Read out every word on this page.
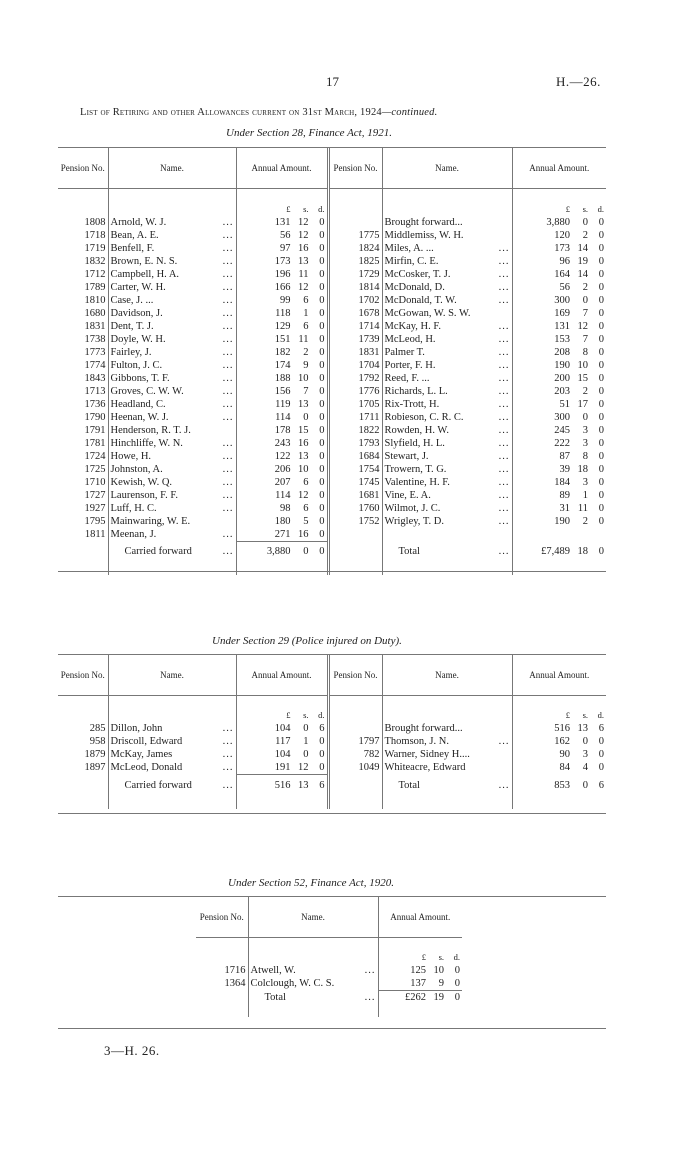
17	H.—26.
List of Retiring and other Allowances current on 31st March, 1924—continued.
Under Section 28, Finance Act, 1921.
Pension No.	Name.	Annual Amount.	Pension No.	Name.	Annual Amount.

		£ s. d.			£ s. d.

1808	Arnold, W. J. ...	131 12 0		Brought forward...	3,880 0 0

1718	Bean, A. E. ...	56 12 0	1775	Middlemiss, W. H.	120 2 0

1719	Benfell, F. ...	97 16 0	1824	Miles, A. ... ...	173 14 0

1832	Brown, E. N. S. ...	173 13 0	1825	Mirfin, C. E. ...	96 19 0

1712	Campbell, H. A. ...	196 11 0	1729	McCosker, T. J. ...	164 14 0

1789	Carter, W. H. ...	166 12 0	1814	McDonald, D. ...	56 2 0

1810	Case, J. ... ...	99 6 0	1702	McDonald, T. W. ...	300 0 0

1680	Davidson, J. ...	118 1 0	1678	McGowan, W. S. W.	169 7 0

1831	Dent, T. J. ...	129 6 0	1714	McKay, H. F. ...	131 12 0

1738	Doyle, W. H. ...	151 11 0	1739	McLeod, H. ...	153 7 0

1773	Fairley, J. ...	182 2 0	1831	Palmer T. ...	208 8 0

1774	Fulton, J. C. ...	174 9 0	1704	Porter, F. H. ...	190 10 0

1843	Gibbons, T. F. ...	188 10 0	1792	Reed, F. ... ...	200 15 0

1713	Groves, C. W. W. ...	156 7 0	1776	Richards, L. L. ...	203 2 0

1736	Headland, C. ...	119 13 0	1705	Rix-Trott, H. ...	51 17 0

1790	Heenan, W. J. ...	114 0 0	1711	Robieson, C. R. C. ...	300 0 0

1791	Henderson, R. T. J.	178 15 0	1822	Rowden, H. W. ...	245 3 0

1781	Hinchliffe, W. N. ...	243 16 0	1793	Slyfield, H. L. ...	222 3 0

1724	Howe, H. ...	122 13 0	1684	Stewart, J. ...	87 8 0

1725	Johnston, A. ...	206 10 0	1754	Trowern, T. G. ...	39 18 0

1710	Kewish, W. Q. ...	207 6 0	1745	Valentine, H. F. ...	184 3 0

1727	Laurenson, F. F. ...	114 12 0	1681	Vine, E. A. ...	89 1 0

1927	Luff, H. C. ...	98 6 0	1760	Wilmot, J. C. ...	31 11 0

1795	Mainwaring, W. E.	180 5 0	1752	Wrigley, T. D. ...	190 2 0

1811	Meenan, J. ...	271 16 0			

	Carried forward ...	3,880 0 0		Total ...	£7,489 18 0

Under Section 29 (Police injured on Duty).
Pension No.	Name.	Annual Amount.	Pension No.	Name.	Annual Amount.

		£ s. d.			£ s. d.

285	Dillon, John ...	104 0 6		Brought forward...	516 13 6

958	Driscoll, Edward ...	117 1 0	1797	Thomson, J. N. ...	162 0 0

1879	McKay, James ...	104 0 0	782	Warner, Sidney H....	90 3 0

1897	McLeod, Donald ...	191 12 0	1049	Whiteacre, Edward	84 4 0

	Carried forward ...	516 13 6		Total ...	853 0 6

Under Section 52, Finance Act, 1920.
Pension No.	Name.	Annual Amount.

		£ s. d.

1716	Atwell, W. ...	125 10 0

1364	Colclough, W. C. S.	137 9 0

	Total ...	£262 19 0

3—H. 26.
